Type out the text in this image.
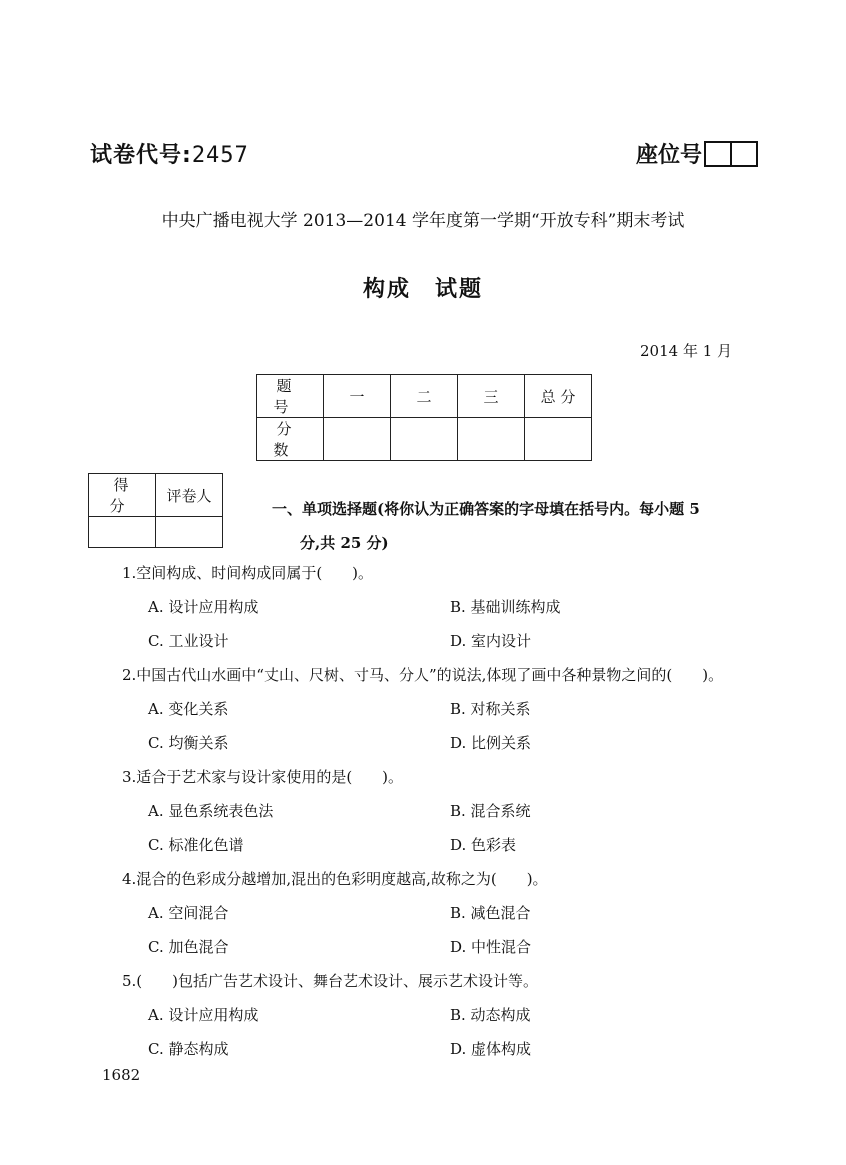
试卷代号:2457	座位号
中央广播电视大学 2013—2014 学年度第一学期“开放专科”期末考试
构成 试题
2014 年 1 月
题 号	一	二	三	总 分
分 数				
得 分	评卷人

一、单项选择题(将你认为正确答案的字母填在括号内。每小题 5
分,共 25 分)
1.空间构成、时间构成同属于(　　)。
A. 设计应用构成	B. 基础训练构成
C. 工业设计	D. 室内设计
2.中国古代山水画中“丈山、尺树、寸马、分人”的说法,体现了画中各种景物之间的(　　)。
A. 变化关系	B. 对称关系
C. 均衡关系	D. 比例关系
3.适合于艺术家与设计家使用的是(　　)。
A. 显色系统表色法	B. 混合系统
C. 标准化色谱	D. 色彩表
4.混合的色彩成分越增加,混出的色彩明度越高,故称之为(　　)。
A. 空间混合	B. 减色混合
C. 加色混合	D. 中性混合
5.(　　)包括广告艺术设计、舞台艺术设计、展示艺术设计等。
A. 设计应用构成	B. 动态构成
C. 静态构成	D. 虚体构成
1682
